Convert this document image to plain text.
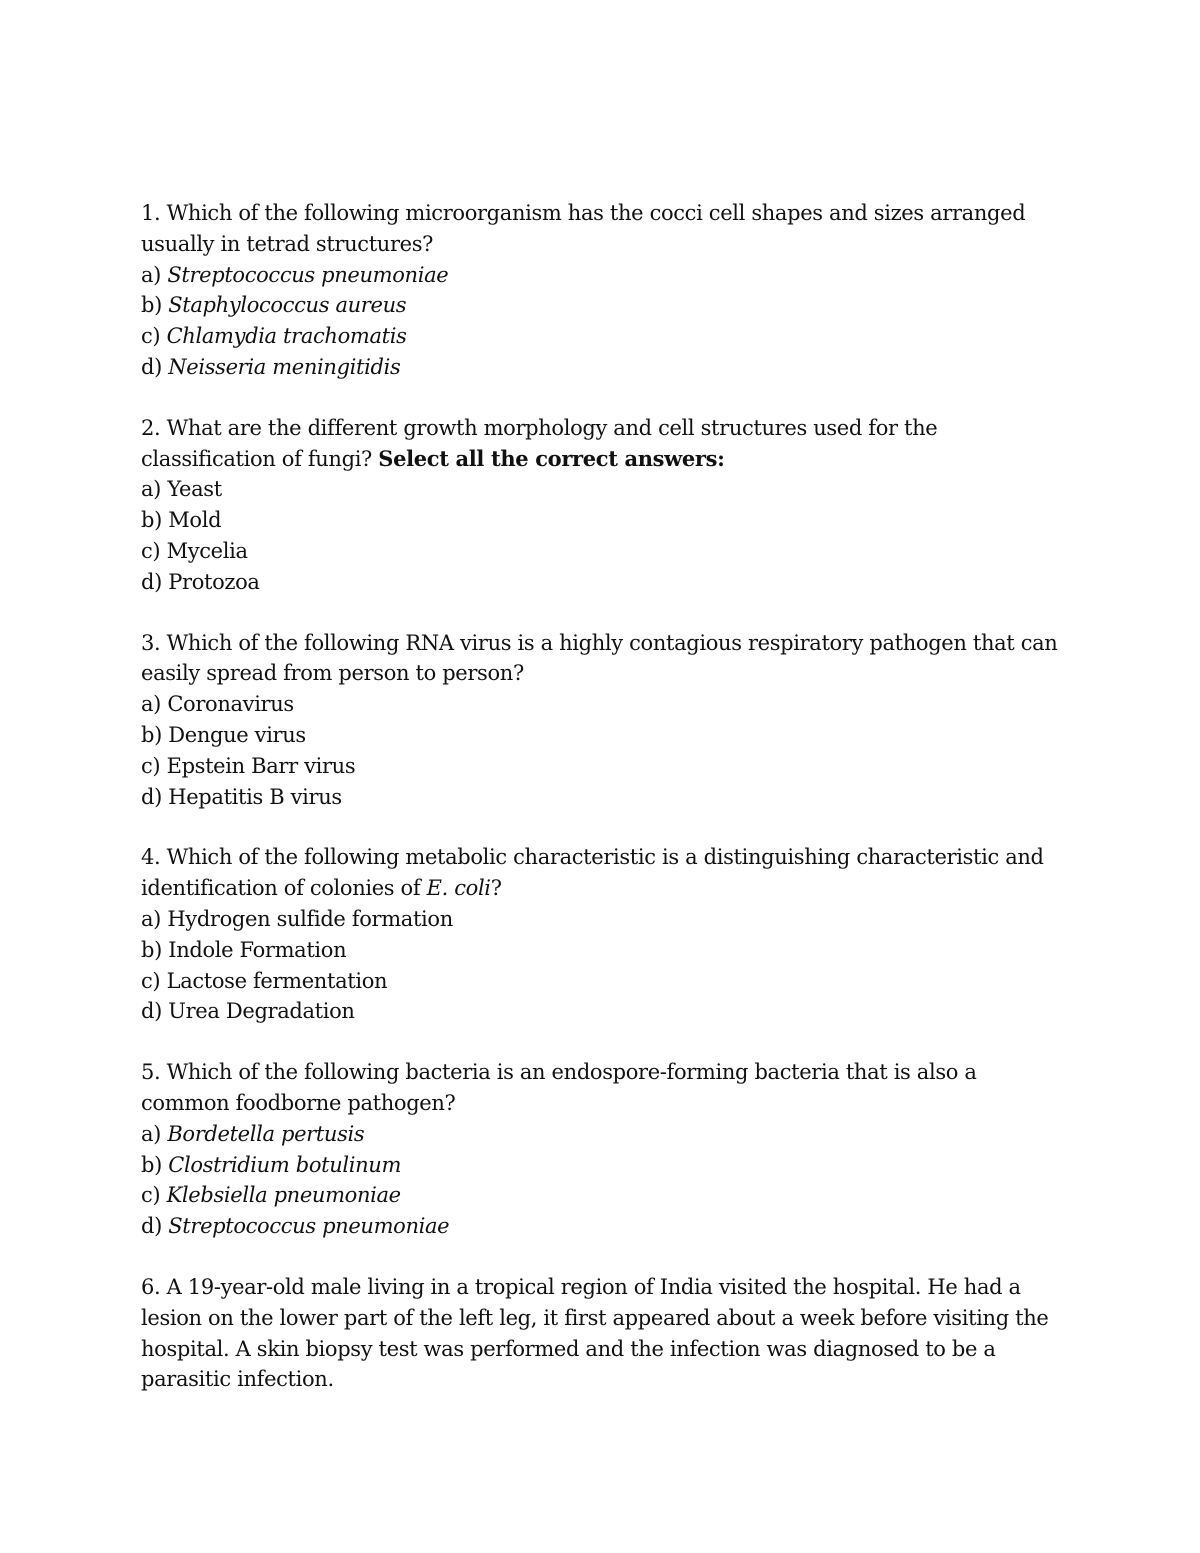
1. Which of the following microorganism has the cocci cell shapes and sizes arranged usually in tetrad structures?
a) Streptococcus pneumoniae
b) Staphylococcus aureus
c) Chlamydia trachomatis
d) Neisseria meningitidis
2. What are the different growth morphology and cell structures used for the classification of fungi? Select all the correct answers:
a) Yeast
b) Mold
c) Mycelia
d) Protozoa
3. Which of the following RNA virus is a highly contagious respiratory pathogen that can easily spread from person to person?
a) Coronavirus
b) Dengue virus
c) Epstein Barr virus
d) Hepatitis B virus
4. Which of the following metabolic characteristic is a distinguishing characteristic and identification of colonies of E. coli?
a) Hydrogen sulfide formation
b) Indole Formation
c) Lactose fermentation
d) Urea Degradation
5. Which of the following bacteria is an endospore-forming bacteria that is also a common foodborne pathogen?
a) Bordetella pertusis
b) Clostridium botulinum
c) Klebsiella pneumoniae
d) Streptococcus pneumoniae
6. A 19-year-old male living in a tropical region of India visited the hospital. He had a lesion on the lower part of the left leg, it first appeared about a week before visiting the hospital. A skin biopsy test was performed and the infection was diagnosed to be a parasitic infection.
